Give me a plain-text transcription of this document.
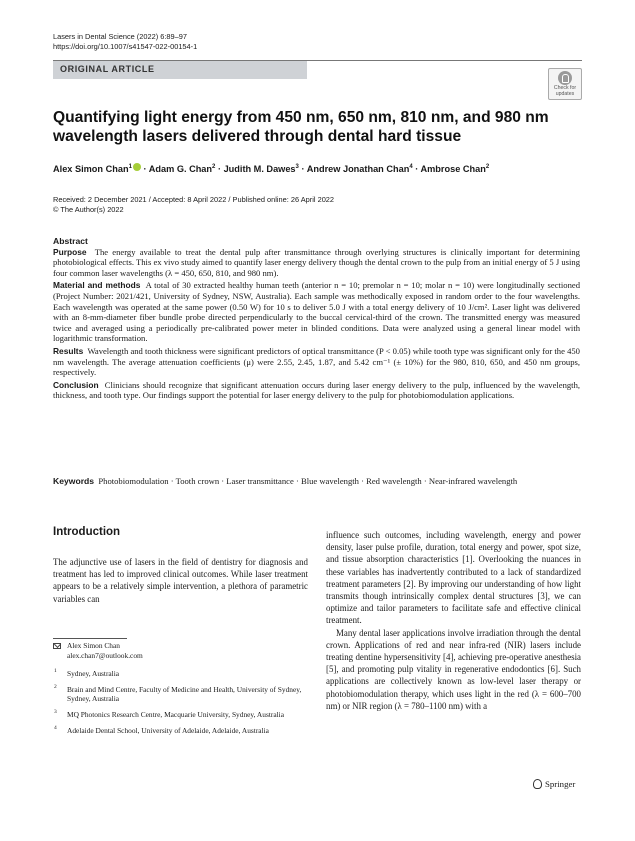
Lasers in Dental Science (2022) 6:89–97
https://doi.org/10.1007/s41547-022-00154-1
ORIGINAL ARTICLE
Check for updates
Quantifying light energy from 450 nm, 650 nm, 810 nm, and 980 nm wavelength lasers delivered through dental hard tissue
Alex Simon Chan$^1$ · Adam G. Chan$^2$ · Judith M. Dawes$^3$ · Andrew Jonathan Chan$^4$ · Ambrose Chan$^2$
Received: 2 December 2021 / Accepted: 8 April 2022 / Published online: 26 April 2022
© The Author(s) 2022
Abstract

Purpose The energy available to treat the dental pulp after transmittance through overlying structures is clinically important for determining photobiological effects. This ex vivo study aimed to quantify laser energy delivery though the dental crown to the pulp from an initial energy of 5 J using four common laser wavelengths (λ = 450, 650, 810, and 980 nm).

Material and methods A total of 30 extracted healthy human teeth (anterior n = 10; premolar n = 10; molar n = 10) were longitudinally sectioned (Project Number: 2021/421, University of Sydney, NSW, Australia). Each sample was methodically exposed in random order to the four wavelengths. Each wavelength was operated at the same power (0.50 W) for 10 s to deliver 5.0 J with a total energy delivery of 10 J/cm². Laser light was delivered with an 8-mm-diameter fiber bundle probe directed perpendicularly to the buccal cervical-third of the crown. The transmitted energy was measured twice and averaged using a periodically pre-calibrated power meter in blinded conditions. Data were analyzed using a general linear model with logarithmic transformation.

Results Wavelength and tooth thickness were significant predictors of optical transmittance (P < 0.05) while tooth type was significant only for the 450 nm wavelength. The average attenuation coefficients (μ) were 2.55, 2.45, 1.87, and 5.42 cm⁻¹ (± 10%) for the 980, 810, 650, and 450 nm groups, respectively.

Conclusion Clinicians should recognize that significant attenuation occurs during laser energy delivery to the pulp, influenced by the wavelength, thickness, and tooth type. Our findings support the potential for laser energy delivery to the pulp for photobiomodulation applications.

Keywords Photobiomodulation · Tooth crown · Laser transmittance · Blue wavelength · Red wavelength · Near-infrared wavelength
Introduction

The adjunctive use of lasers in the field of dentistry for diagnosis and treatment has led to improved clinical outcomes. While laser treatment appears to be a relatively simple intervention, a plethora of parametric variables can

Alex Simon Chan
alex.chan7@outlook.com
1 Sydney, Australia
2 Brain and Mind Centre, Faculty of Medicine and Health, University of Sydney, Sydney, Australia
3 MQ Photonics Research Centre, Macquarie University, Sydney, Australia
4 Adelaide Dental School, University of Adelaide, Adelaide, Australia

influence such outcomes, including wavelength, energy and power density, laser pulse profile, duration, total energy and power, spot size, and tissue absorption characteristics [1]. Overlooking the nuances in these variables has inadvertently contributed to a lack of standardized treatment parameters [2]. By improving our understanding of how light transmits though intrinsically complex dental structures [3], we can optimize and tailor parameters to facilitate safe and effective clinical treatment.

Many dental laser applications involve irradiation through the dental crown. Applications of red and near infra-red (NIR) lasers include treating dentine hypersensitivity [4], achieving pre-operative anesthesia [5], and promoting pulp vitality in regenerative endodontics [6]. Such applications are collectively known as low-level laser therapy or photobiomodulation therapy, which uses light in the red (λ = 600–700 nm) or NIR region (λ = 780–1100 nm) with a

Springer
